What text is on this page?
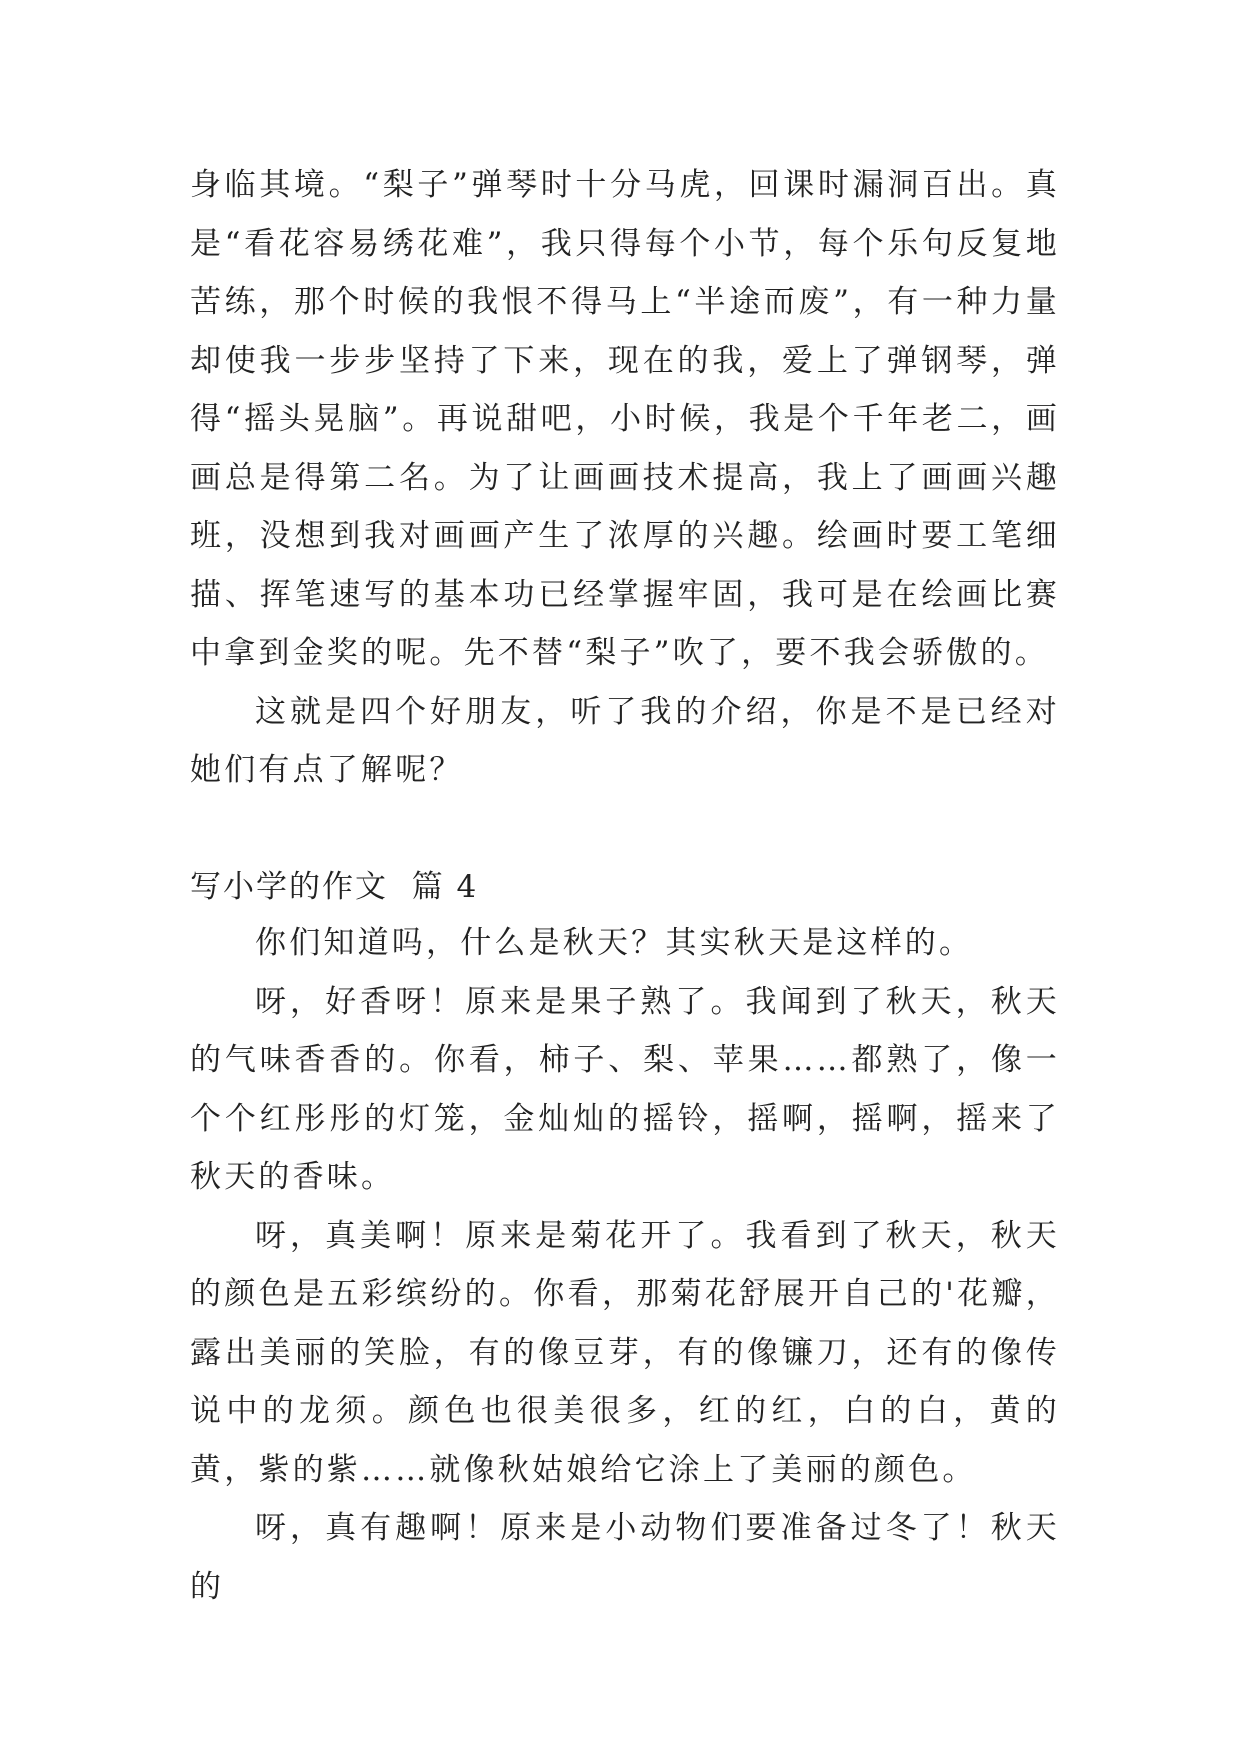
身临其境。“梨子”弹琴时十分马虎，回课时漏洞百出。真是“看花容易绣花难”，我只得每个小节，每个乐句反复地苦练，那个时候的我恨不得马上“半途而废”，有一种力量却使我一步步坚持了下来，现在的我，爱上了弹钢琴，弹得“摇头晃脑”。再说甜吧，小时候，我是个千年老二，画画总是得第二名。为了让画画技术提高，我上了画画兴趣班，没想到我对画画产生了浓厚的兴趣。绘画时要工笔细描、挥笔速写的基本功已经掌握牢固，我可是在绘画比赛中拿到金奖的呢。先不替“梨子”吹了，要不我会骄傲的。

这就是四个好朋友，听了我的介绍，你是不是已经对她们有点了解呢？

写小学的作文  篇 4

你们知道吗，什么是秋天？其实秋天是这样的。

呀，好香呀！原来是果子熟了。我闻到了秋天，秋天的气味香香的。你看，柿子、梨、苹果……都熟了，像一个个红彤彤的灯笼，金灿灿的摇铃，摇啊，摇啊，摇来了秋天的香味。

呀，真美啊！原来是菊花开了。我看到了秋天，秋天的颜色是五彩缤纷的。你看，那菊花舒展开自己的'花瓣，露出美丽的笑脸，有的像豆芽，有的像镰刀，还有的像传说中的龙须。颜色也很美很多，红的红，白的白，黄的黄，紫的紫……就像秋姑娘给它涂上了美丽的颜色。

呀，真有趣啊！原来是小动物们要准备过冬了！秋天的
